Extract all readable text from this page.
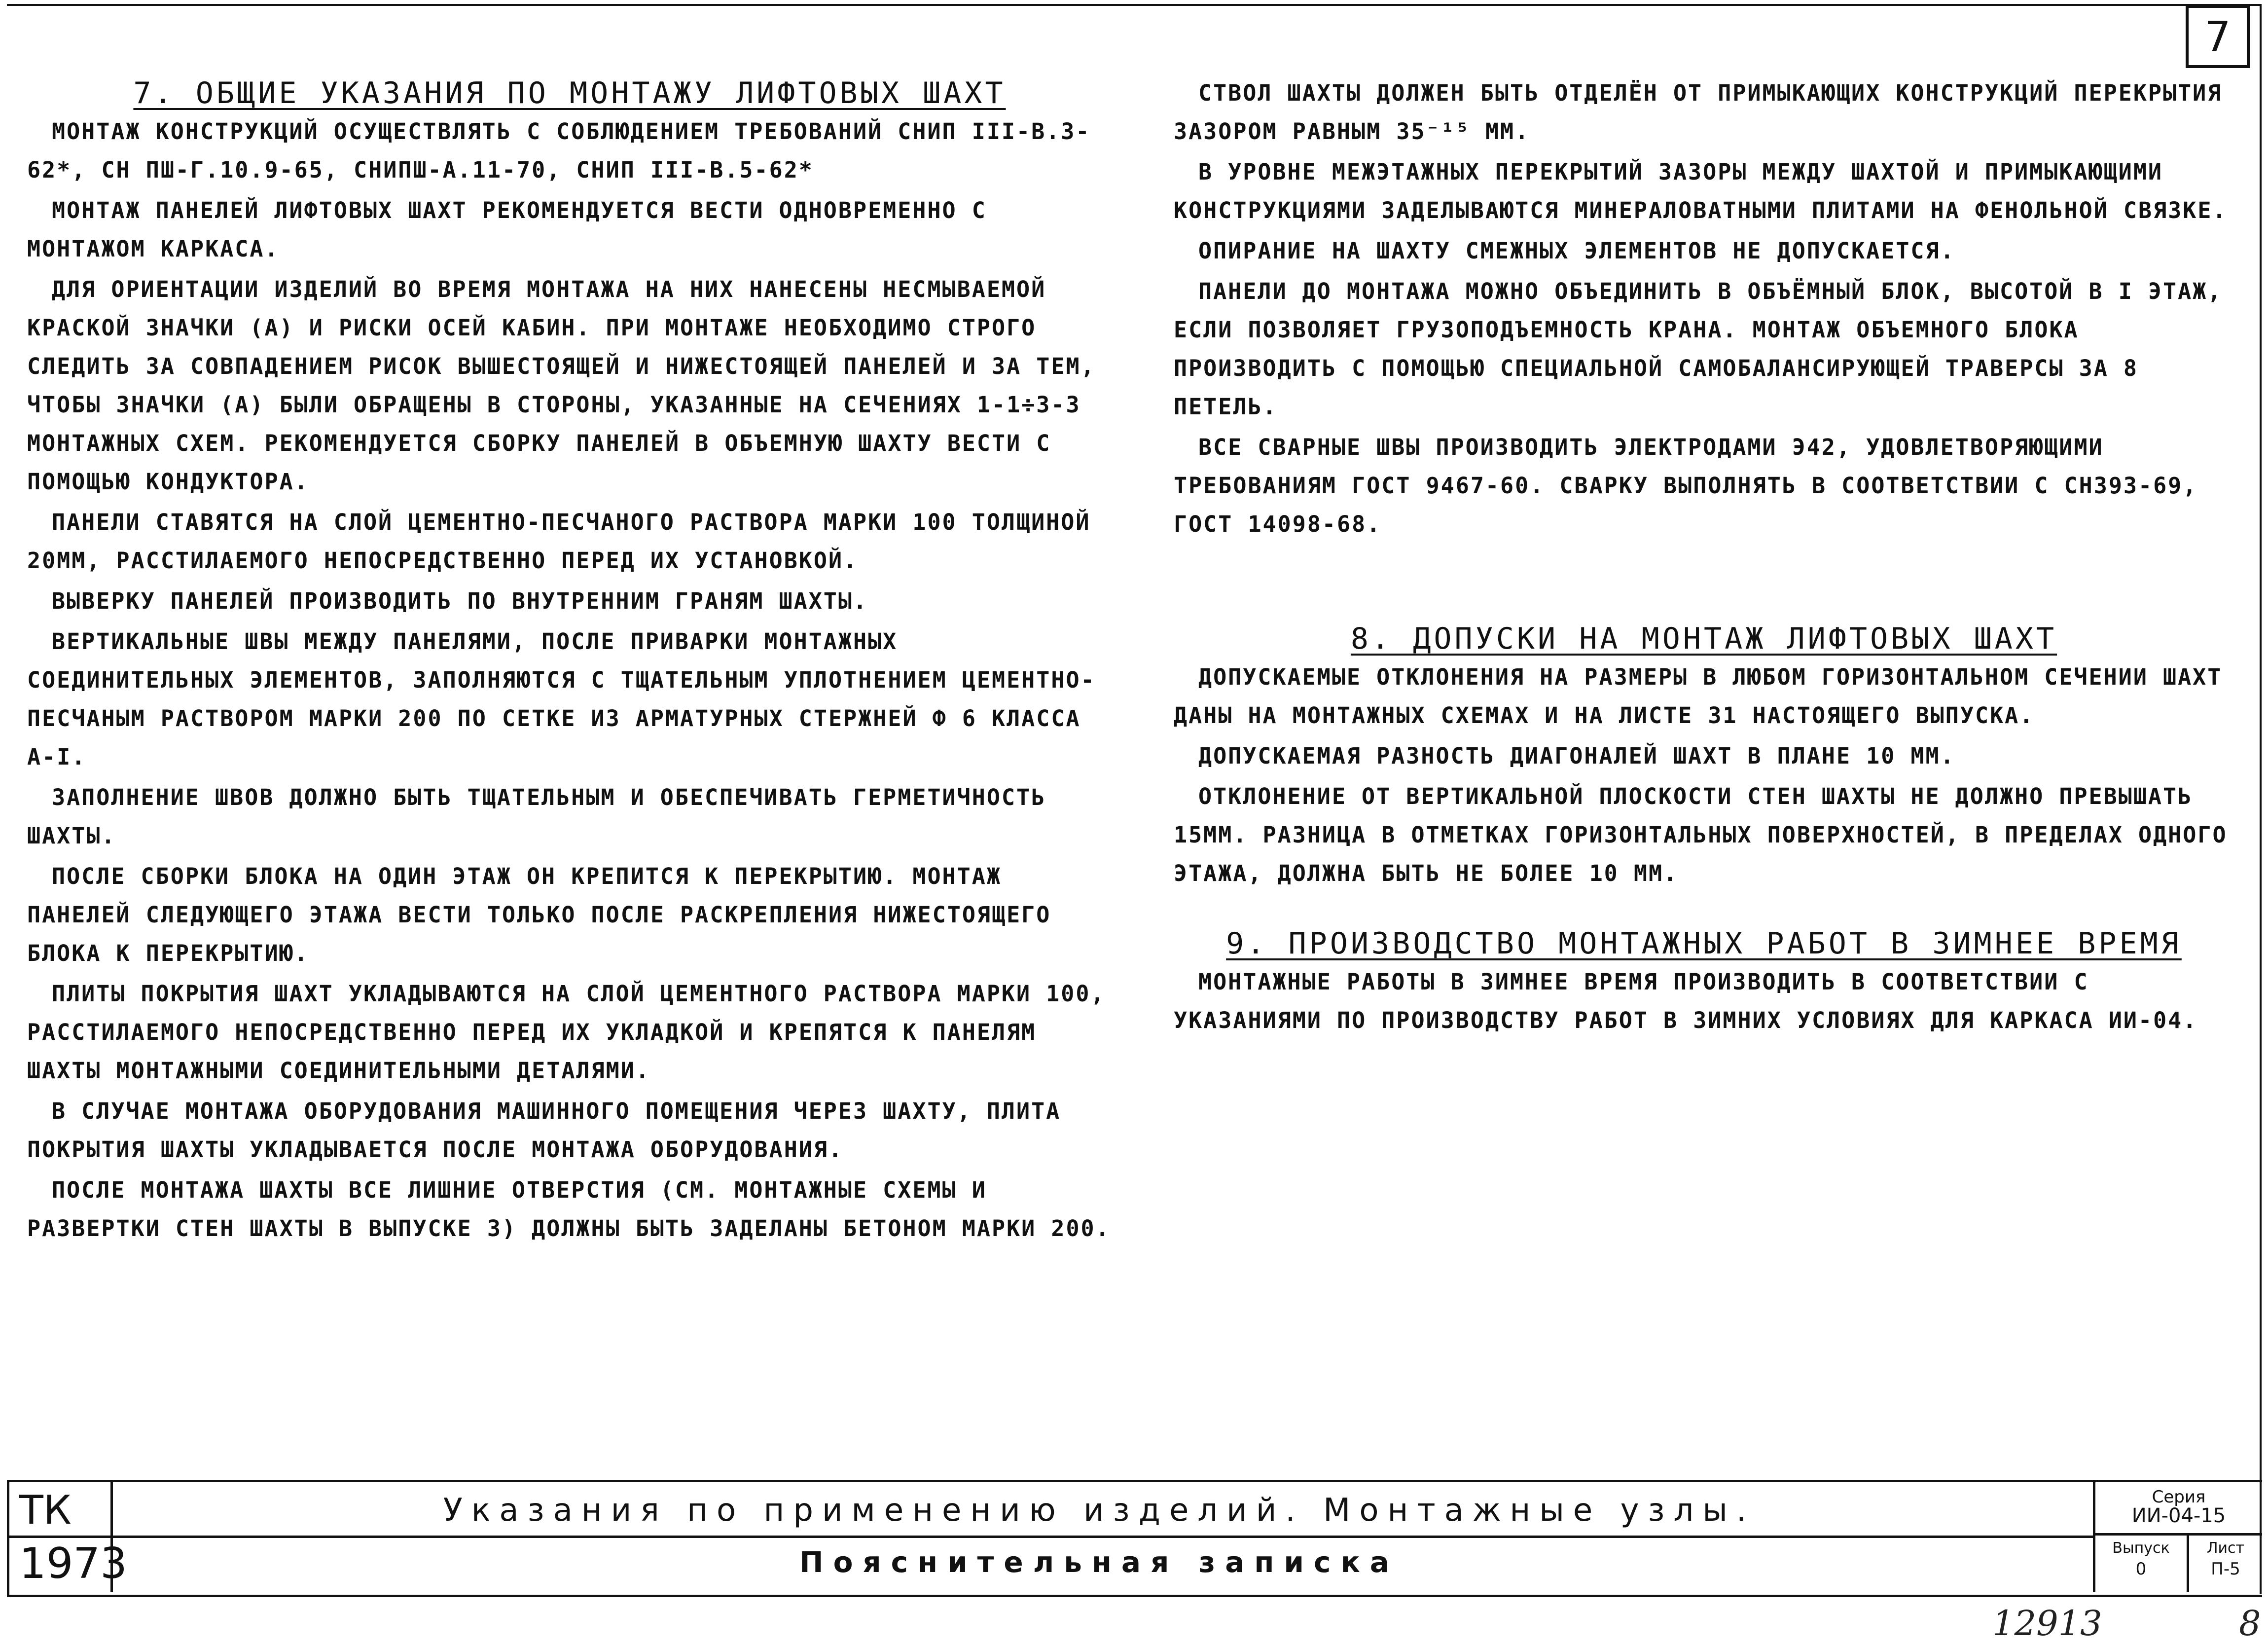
7

7. ОБЩИЕ УКАЗАНИЯ ПО МОНТАЖУ ЛИФТОВЫХ ШАХТ

МОНТАЖ КОНСТРУКЦИЙ ОСУЩЕСТВЛЯТЬ С СОБЛЮДЕНИЕМ ТРЕБОВАНИЙ СНИП III-В.3-62*, СН ПШ-Г.10.9-65, СНИПШ-А.11-70, СНИП III-В.5-62*

МОНТАЖ ПАНЕЛЕЙ ЛИФТОВЫХ ШАХТ РЕКОМЕНДУЕТСЯ ВЕСТИ ОДНОВРЕМЕННО С МОНТАЖОМ КАРКАСА.

ДЛЯ ОРИЕНТАЦИИ ИЗДЕЛИЙ ВО ВРЕМЯ МОНТАЖА НА НИХ НАНЕСЕНЫ НЕСМЫВАЕМОЙ КРАСКОЙ ЗНАЧКИ (А) И РИСКИ ОСЕЙ КАБИН. ПРИ МОНТАЖЕ НЕОБХОДИМО СТРОГО СЛЕДИТЬ ЗА СОВПАДЕНИЕМ РИСОК ВЫШЕСТОЯЩЕЙ И НИЖЕСТОЯЩЕЙ ПАНЕЛЕЙ И ЗА ТЕМ, ЧТОБЫ ЗНАЧКИ (А) БЫЛИ ОБРАЩЕНЫ В СТОРОНЫ, УКАЗАННЫЕ НА СЕЧЕНИЯХ 1-1÷3-3 МОНТАЖНЫХ СХЕМ. РЕКОМЕНДУЕТСЯ СБОРКУ ПАНЕЛЕЙ В ОБЪЕМНУЮ ШАХТУ ВЕСТИ С ПОМОЩЬЮ КОНДУКТОРА.

ПАНЕЛИ СТАВЯТСЯ НА СЛОЙ ЦЕМЕНТНО-ПЕСЧАНОГО РАСТВОРА МАРКИ 100 ТОЛЩИНОЙ 20ММ, РАССТИЛАЕМОГО НЕПОСРЕДСТВЕННО ПЕРЕД ИХ УСТАНОВКОЙ.

ВЫВЕРКУ ПАНЕЛЕЙ ПРОИЗВОДИТЬ ПО ВНУТРЕННИМ ГРАНЯМ ШАХТЫ.

ВЕРТИКАЛЬНЫЕ ШВЫ МЕЖДУ ПАНЕЛЯМИ, ПОСЛЕ ПРИВАРКИ МОНТАЖНЫХ СОЕДИНИТЕЛЬНЫХ ЭЛЕМЕНТОВ, ЗАПОЛНЯЮТСЯ С ТЩАТЕЛЬНЫМ УПЛОТНЕНИЕМ ЦЕМЕНТНО-ПЕСЧАНЫМ РАСТВОРОМ МАРКИ 200 ПО СЕТКЕ ИЗ АРМАТУРНЫХ СТЕРЖНЕЙ Ф 6 КЛАССА А-I.

ЗАПОЛНЕНИЕ ШВОВ ДОЛЖНО БЫТЬ ТЩАТЕЛЬНЫМ И ОБЕСПЕЧИВАТЬ ГЕРМЕТИЧНОСТЬ ШАХТЫ.

ПОСЛЕ СБОРКИ БЛОКА НА ОДИН ЭТАЖ ОН КРЕПИТСЯ К ПЕРЕКРЫТИЮ. МОНТАЖ ПАНЕЛЕЙ СЛЕДУЮЩЕГО ЭТАЖА ВЕСТИ ТОЛЬКО ПОСЛЕ РАСКРЕПЛЕНИЯ НИЖЕСТОЯЩЕГО БЛОКА К ПЕРЕКРЫТИЮ.

ПЛИТЫ ПОКРЫТИЯ ШАХТ УКЛАДЫВАЮТСЯ НА СЛОЙ ЦЕМЕНТНОГО РАСТВОРА МАРКИ 100, РАССТИЛАЕМОГО НЕПОСРЕДСТВЕННО ПЕРЕД ИХ УКЛАДКОЙ И КРЕПЯТСЯ К ПАНЕЛЯМ ШАХТЫ МОНТАЖНЫМИ СОЕДИНИТЕЛЬНЫМИ ДЕТАЛЯМИ.

В СЛУЧАЕ МОНТАЖА ОБОРУДОВАНИЯ МАШИННОГО ПОМЕЩЕНИЯ ЧЕРЕЗ ШАХТУ, ПЛИТА ПОКРЫТИЯ ШАХТЫ УКЛАДЫВАЕТСЯ ПОСЛЕ МОНТАЖА ОБОРУДОВАНИЯ.

ПОСЛЕ МОНТАЖА ШАХТЫ ВСЕ ЛИШНИЕ ОТВЕРСТИЯ (СМ. МОНТАЖНЫЕ СХЕМЫ И РАЗВЕРТКИ СТЕН ШАХТЫ В ВЫПУСКЕ 3) ДОЛЖНЫ БЫТЬ ЗАДЕЛАНЫ БЕТОНОМ МАРКИ 200.

СТВОЛ ШАХТЫ ДОЛЖЕН БЫТЬ ОТДЕЛЁН ОТ ПРИМЫКАЮЩИХ КОНСТРУКЦИЙ ПЕРЕКРЫТИЯ ЗАЗОРОМ РАВНЫМ 35⁻¹⁵ ММ.

В УРОВНЕ МЕЖЭТАЖНЫХ ПЕРЕКРЫТИЙ ЗАЗОРЫ МЕЖДУ ШАХТОЙ И ПРИМЫКАЮЩИМИ КОНСТРУКЦИЯМИ ЗАДЕЛЫВАЮТСЯ МИНЕРАЛОВАТНЫМИ ПЛИТАМИ НА ФЕНОЛЬНОЙ СВЯЗКЕ.

ОПИРАНИЕ НА ШАХТУ СМЕЖНЫХ ЭЛЕМЕНТОВ НЕ ДОПУСКАЕТСЯ.

ПАНЕЛИ ДО МОНТАЖА МОЖНО ОБЪЕДИНИТЬ В ОБЪЁМНЫЙ БЛОК, ВЫСОТОЙ В I ЭТАЖ, ЕСЛИ ПОЗВОЛЯЕТ ГРУЗОПОДЪЕМНОСТЬ КРАНА. МОНТАЖ ОБЪЕМНОГО БЛОКА ПРОИЗВОДИТЬ С ПОМОЩЬЮ СПЕЦИАЛЬНОЙ САМОБАЛАНСИРУЮЩЕЙ ТРАВЕРСЫ ЗА 8 ПЕТЕЛЬ.

ВСЕ СВАРНЫЕ ШВЫ ПРОИЗВОДИТЬ ЭЛЕКТРОДАМИ Э42, УДОВЛЕТВОРЯЮЩИМИ ТРЕБОВАНИЯМ ГОСТ 9467-60. СВАРКУ ВЫПОЛНЯТЬ В СООТВЕТСТВИИ С СН393-69, ГОСТ 14098-68.

8. ДОПУСКИ НА МОНТАЖ ЛИФТОВЫХ ШАХТ

ДОПУСКАЕМЫЕ ОТКЛОНЕНИЯ НА РАЗМЕРЫ В ЛЮБОМ ГОРИЗОНТАЛЬНОМ СЕЧЕНИИ ШАХТ ДАНЫ НА МОНТАЖНЫХ СХЕМАХ И НА ЛИСТЕ 31 НАСТОЯЩЕГО ВЫПУСКА.

ДОПУСКАЕМАЯ РАЗНОСТЬ ДИАГОНАЛЕЙ ШАХТ В ПЛАНЕ 10 ММ.

ОТКЛОНЕНИЕ ОТ ВЕРТИКАЛЬНОЙ ПЛОСКОСТИ СТЕН ШАХТЫ НЕ ДОЛЖНО ПРЕВЫШАТЬ 15ММ. РАЗНИЦА В ОТМЕТКАХ ГОРИЗОНТАЛЬНЫХ ПОВЕРХНОСТЕЙ, В ПРЕДЕЛАХ ОДНОГО ЭТАЖА, ДОЛЖНА БЫТЬ НЕ БОЛЕЕ 10 ММ.

9. ПРОИЗВОДСТВО МОНТАЖНЫХ РАБОТ В ЗИМНЕЕ ВРЕМЯ

МОНТАЖНЫЕ РАБОТЫ В ЗИМНЕЕ ВРЕМЯ ПРОИЗВОДИТЬ В СООТВЕТСТВИИ С УКАЗАНИЯМИ ПО ПРОИЗВОДСТВУ РАБОТ В ЗИМНИХ УСЛОВИЯХ ДЛЯ КАРКАСА ИИ-04.

ТК
1973
Указания по применению изделий. Монтажные узлы.
Пояснительная записка
Серия
ИИ-04-15
Выпуск
0
Лист
П-5
12913	8
